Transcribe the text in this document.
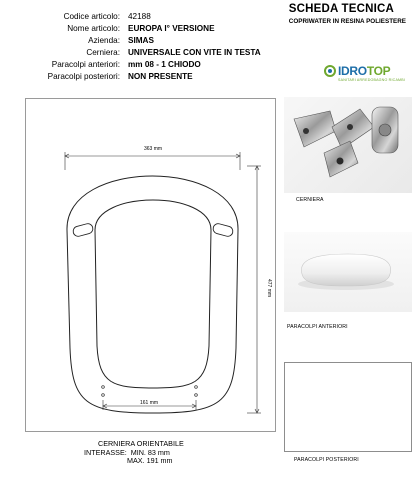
Codice articolo: 42188
Nome articolo: EUROPA I° VERSIONE
Azienda: SIMAS
Cerniera: UNIVERSALE CON VITE IN TESTA
Paracolpi anteriori: mm 08 - 1 CHIODO
Paracolpi posteriori: NON PRESENTE
SCHEDA TECNICA
COPRIWATER IN RESINA POLIESTERE
IDROTOP
SANITARI ARREDOBAGNO RICAMBI
363 mm
477 mm
161 mm
CERNIERA
PARACOLPI ANTERIORI
PARACOLPI POSTERIORI
CERNIERA ORIENTABILE
INTERASSE: MIN. 83 mm
MAX. 191 mm
